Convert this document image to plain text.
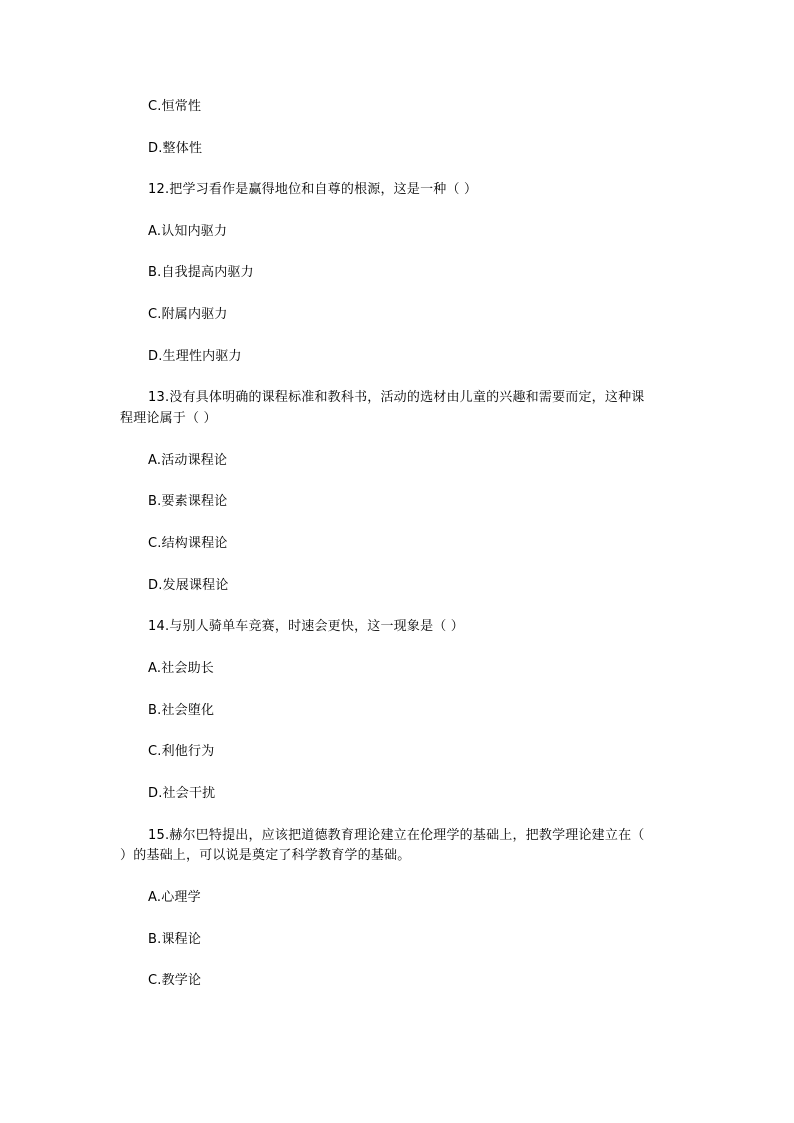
C.恒常性
D.整体性
12.把学习看作是赢得地位和自尊的根源，这是一种（ ）
A.认知内驱力
B.自我提高内驱力
C.附属内驱力
D.生理性内驱力
13.没有具体明确的课程标准和教科书，活动的选材由儿童的兴趣和需要而定，这种课
程理论属于（ ）
A.活动课程论
B.要素课程论
C.结构课程论
D.发展课程论
14.与别人骑单车竞赛，时速会更快，这一现象是（ ）
A.社会助长
B.社会堕化
C.利他行为
D.社会干扰
15.赫尔巴特提出，应该把道德教育理论建立在伦理学的基础上，把教学理论建立在（
）的基础上，可以说是奠定了科学教育学的基础。
A.心理学
B.课程论
C.教学论
